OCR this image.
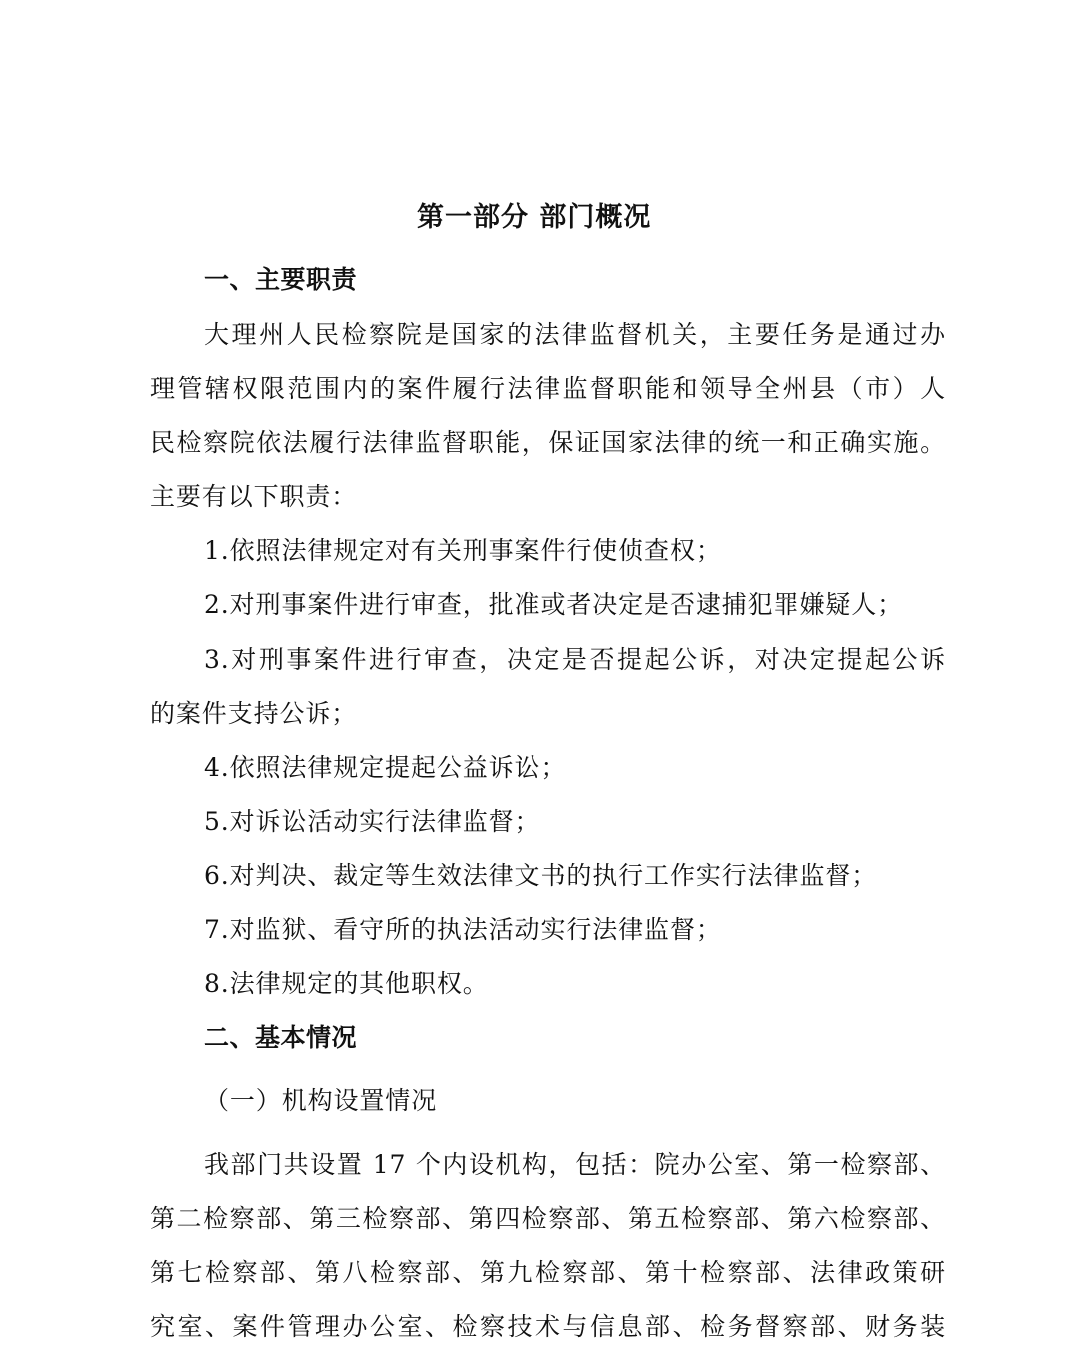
第一部分 部门概况
一、主要职责
大理州人民检察院是国家的法律监督机关，主要任务是通过办
理管辖权限范围内的案件履行法律监督职能和领导全州县（市）人
民检察院依法履行法律监督职能，保证国家法律的统一和正确实施。
主要有以下职责：
1.依照法律规定对有关刑事案件行使侦查权；
2.对刑事案件进行审查，批准或者决定是否逮捕犯罪嫌疑人；
3.对刑事案件进行审查，决定是否提起公诉，对决定提起公诉
的案件支持公诉；
4.依照法律规定提起公益诉讼；
5.对诉讼活动实行法律监督；
6.对判决、裁定等生效法律文书的执行工作实行法律监督；
7.对监狱、看守所的执法活动实行法律监督；
8.法律规定的其他职权。
二、基本情况
（一）机构设置情况
我部门共设置 17 个内设机构，包括：院办公室、第一检察部、
第二检察部、第三检察部、第四检察部、第五检察部、第六检察部、
第七检察部、第八检察部、第九检察部、第十检察部、法律政策研
究室、案件管理办公室、检察技术与信息部、检务督察部、财务装
